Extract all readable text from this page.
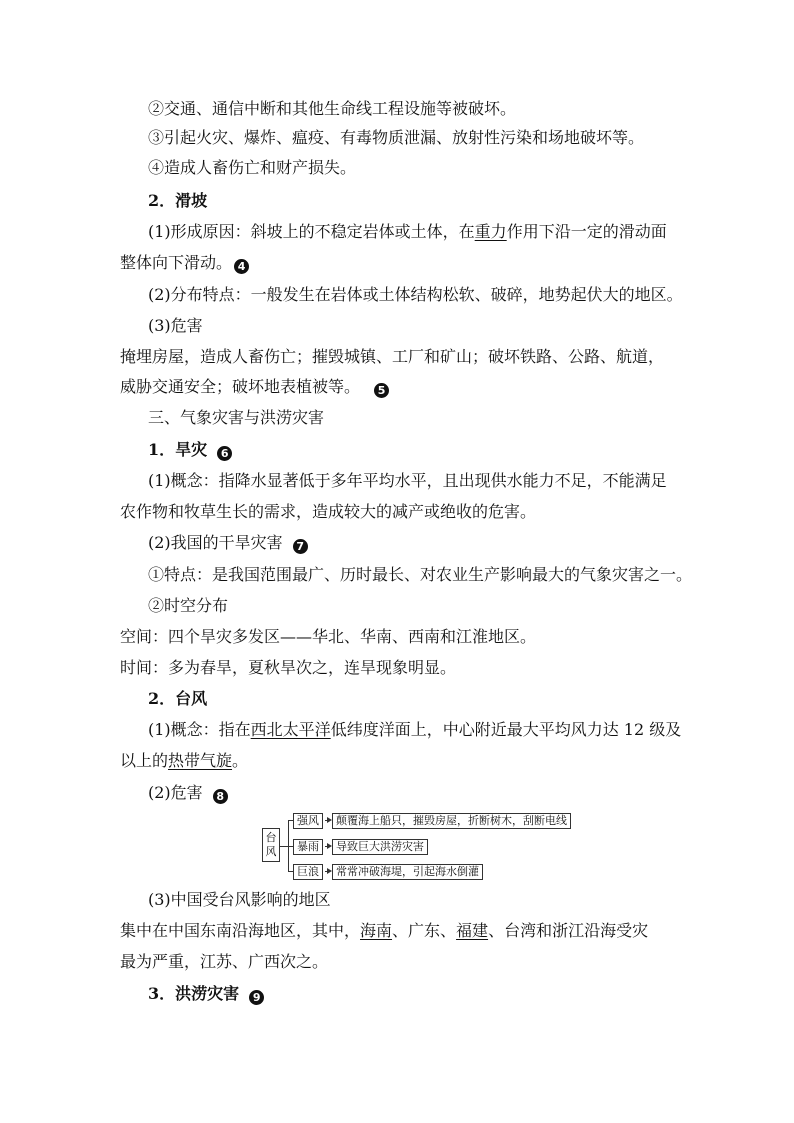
②交通、通信中断和其他生命线工程设施等被破坏。
③引起火灾、爆炸、瘟疫、有毒物质泄漏、放射性污染和场地破坏等。
④造成人畜伤亡和财产损失。
2．滑坡
(1)形成原因：斜坡上的不稳定岩体或土体，在重力作用下沿一定的滑动面
整体向下滑动。 4
(2)分布特点：一般发生在岩体或土体结构松软、破碎，地势起伏大的地区。
(3)危害
掩埋房屋，造成人畜伤亡；摧毁城镇、工厂和矿山；破坏铁路、公路、航道，
威胁交通安全；破坏地表植被等。 5
三、气象灾害与洪涝灾害
1．旱灾 6
(1)概念：指降水显著低于多年平均水平，且出现供水能力不足，不能满足
农作物和牧草生长的需求，造成较大的减产或绝收的危害。
(2)我国的干旱灾害 7
①特点：是我国范围最广、历时最长、对农业生产影响最大的气象灾害之一。
②时空分布
空间：四个旱灾多发区——华北、华南、西南和江淮地区。
时间：多为春旱，夏秋旱次之，连旱现象明显。
2．台风
(1)概念：指在西北太平洋低纬度洋面上，中心附近最大平均风力达 12 级及
以上的热带气旋。
(2)危害 8
台风
强风	颠覆海上船只，摧毁房屋，折断树木，刮断电线
暴雨	导致巨大洪涝灾害
巨浪	常常冲破海堤，引起海水倒灌
(3)中国受台风影响的地区
集中在中国东南沿海地区，其中，海南、广东、福建、台湾和浙江沿海受灾
最为严重，江苏、广西次之。
3．洪涝灾害 9
